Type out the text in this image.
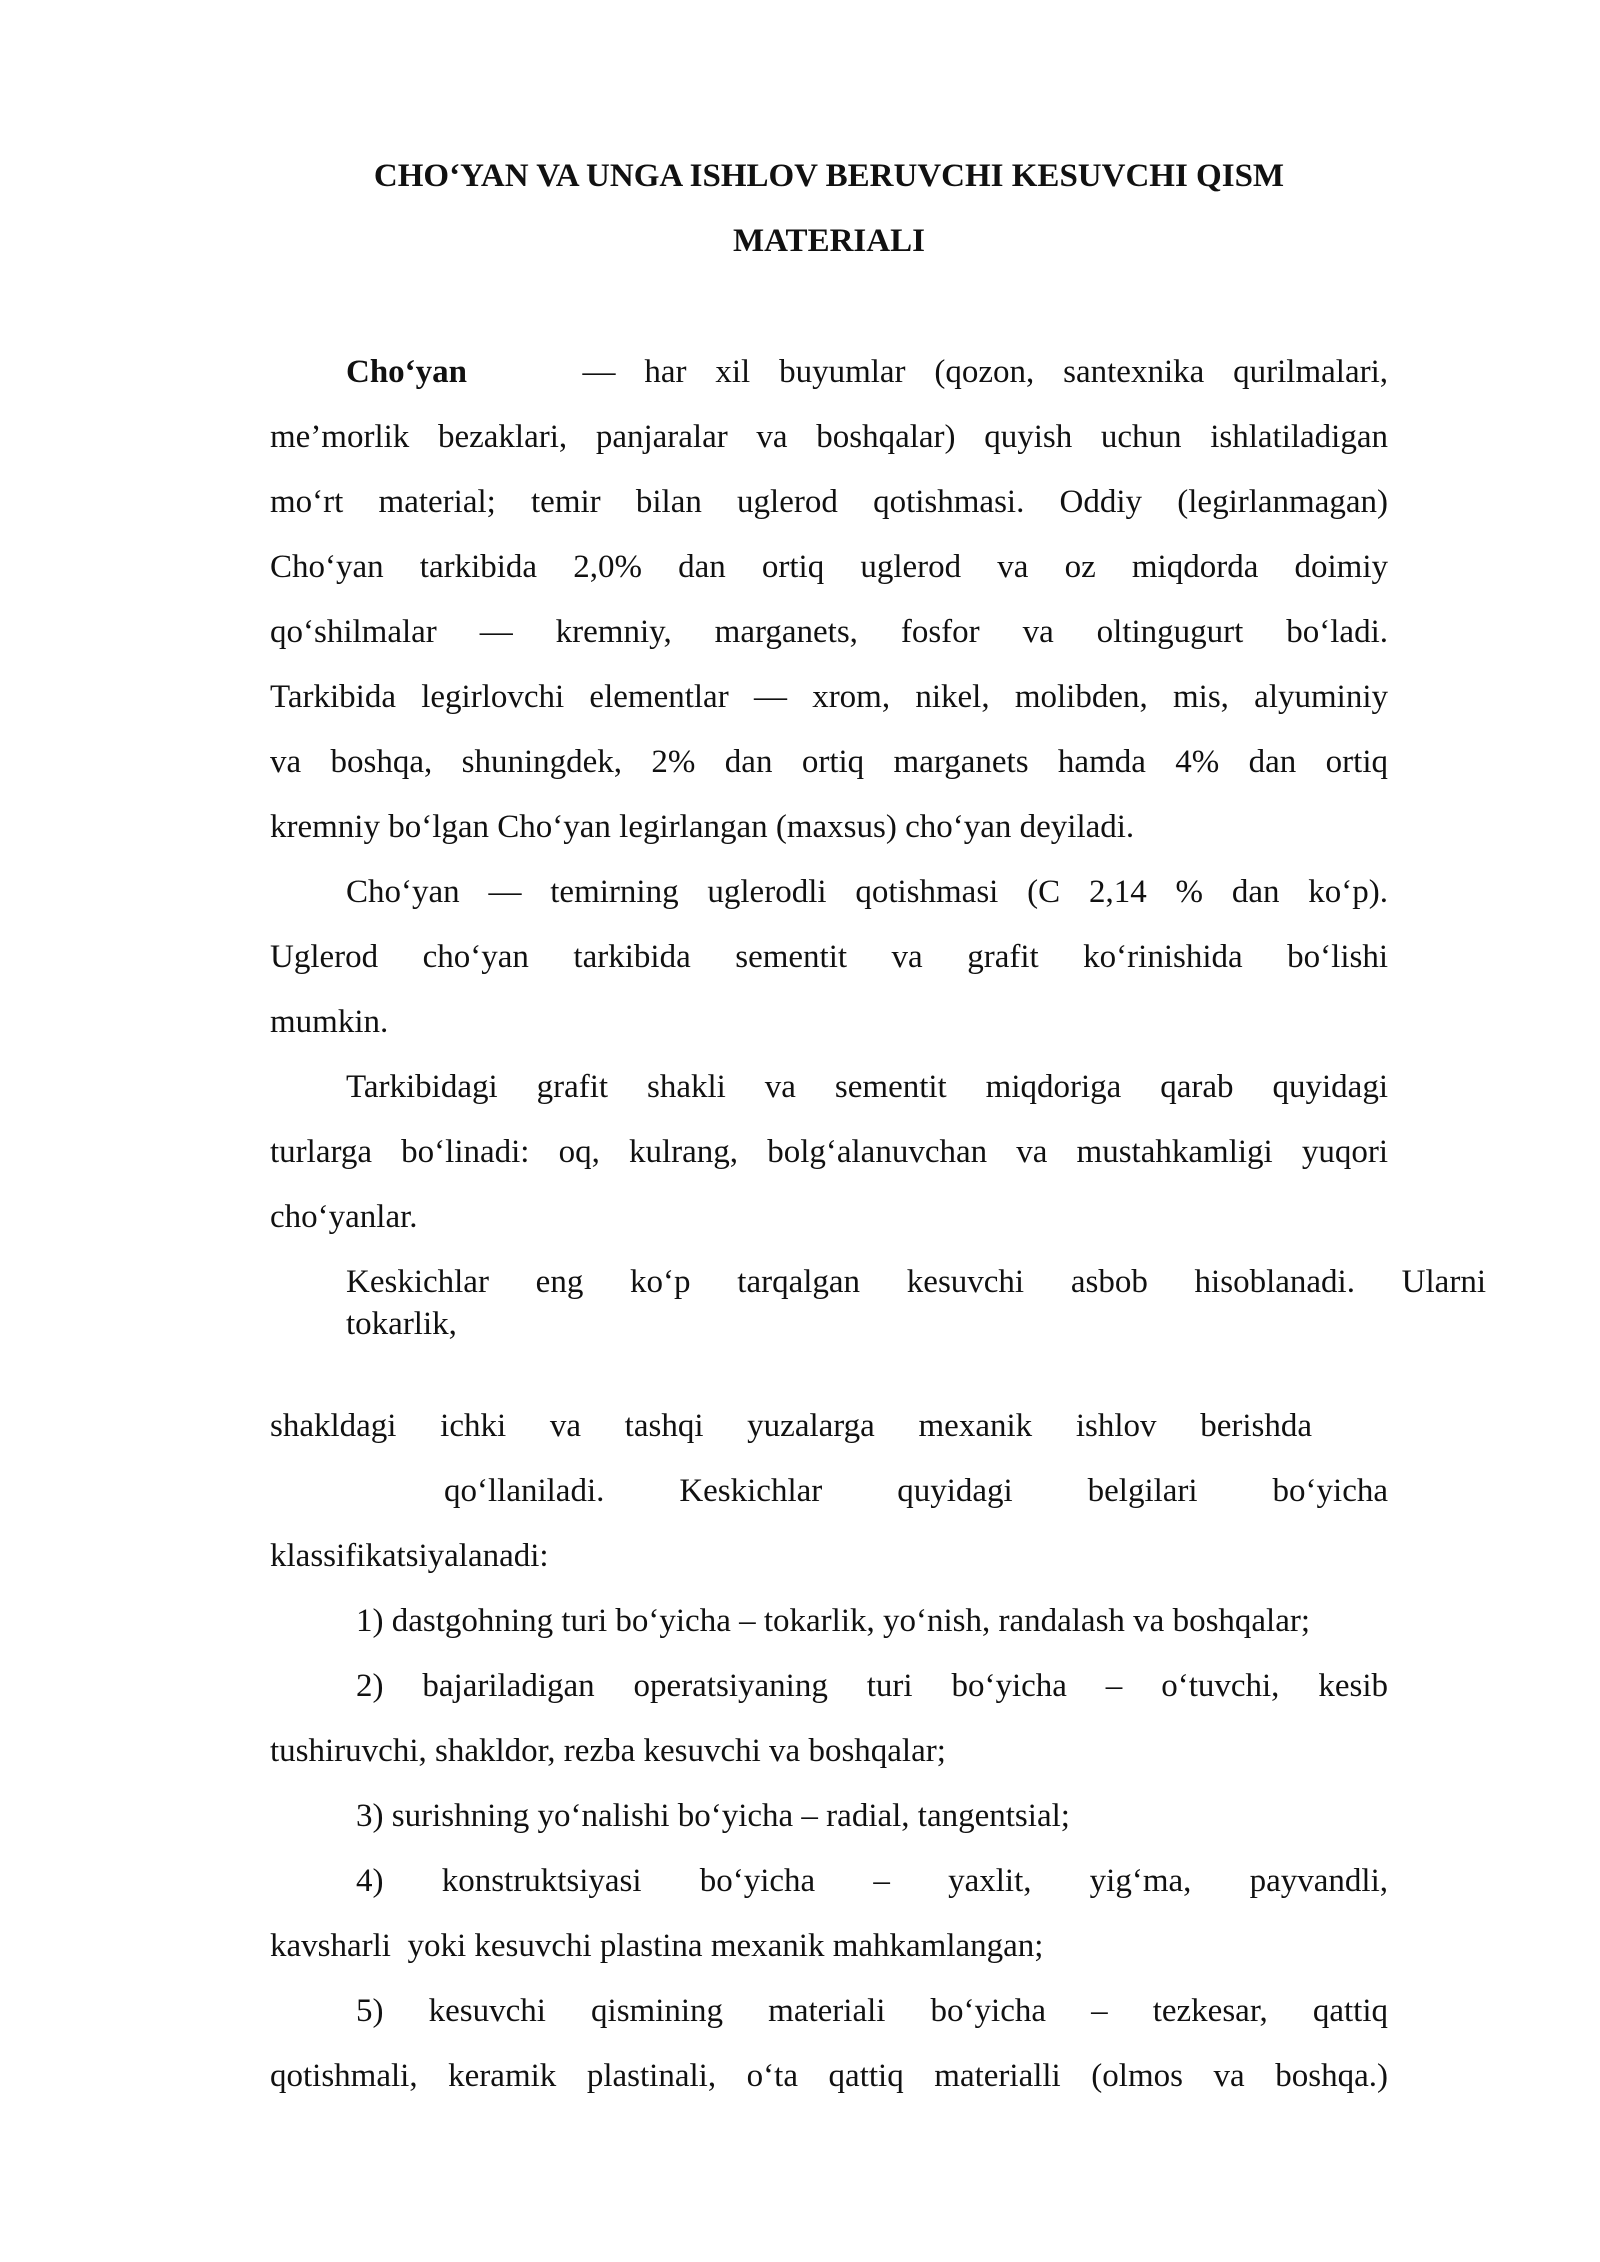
CHO‘YAN VA UNGA ISHLOV BERUVCHI KESUVCHI QISM
MATERIALI
Cho‘yan	— har xil buyumlar (qozon, santexnika qurilmalari,
me’morlik bezaklari, panjaralar va boshqalar) quyish uchun ishlatiladigan
mo‘rt material; temir bilan uglerod qotishmasi. Oddiy (legirlanmagan)
Cho‘yan tarkibida 2,0% dan ortiq uglerod va oz miqdorda doimiy
qo‘shilmalar — kremniy, marganets, fosfor va oltingugurt bo‘ladi.
Tarkibida legirlovchi elementlar — xrom, nikel, molibden, mis, alyuminiy
va boshqa, shuningdek, 2% dan ortiq marganets hamda 4% dan ortiq
kremniy bo‘lgan Cho‘yan legirlangan (maxsus) cho‘yan deyiladi.
Cho‘yan — temirning uglerodli qotishmasi (C 2,14 % dan ko‘p).
Uglerod cho‘yan tarkibida sementit va grafit ko‘rinishida bo‘lishi
mumkin.
Tarkibidagi grafit shakli va sementit miqdoriga qarab quyidagi
turlarga bo‘linadi: oq, kulrang, bolg‘alanuvchan va mustahkamligi yuqori
cho‘yanlar.
Keskichlar eng ko‘p tarqalgan kesuvchi asbob hisoblanadi. Ularni
tokarlik,
shakldagi ichki va tashqi yuzalarga mexanik ishlov berishda
qo‘llaniladi. Keskichlar quyidagi belgilari bo‘yicha
klassifikatsiyalanadi:
1) dastgohning turi bo‘yicha – tokarlik, yo‘nish, randalash va boshqalar;
2) bajariladigan operatsiyaning turi bo‘yicha – o‘tuvchi, kesib
tushiruvchi, shakldor, rezba kesuvchi va boshqalar;
3) surishning yo‘nalishi bo‘yicha – radial, tangentsial;
4) konstruktsiyasi bo‘yicha – yaxlit, yig‘ma, payvandli,
kavsharli  yoki kesuvchi plastina mexanik mahkamlangan;
5) kesuvchi qismining materiali bo‘yicha – tezkesar, qattiq
qotishmali, keramik plastinali, o‘ta qattiq materialli (olmos va boshqa.)
